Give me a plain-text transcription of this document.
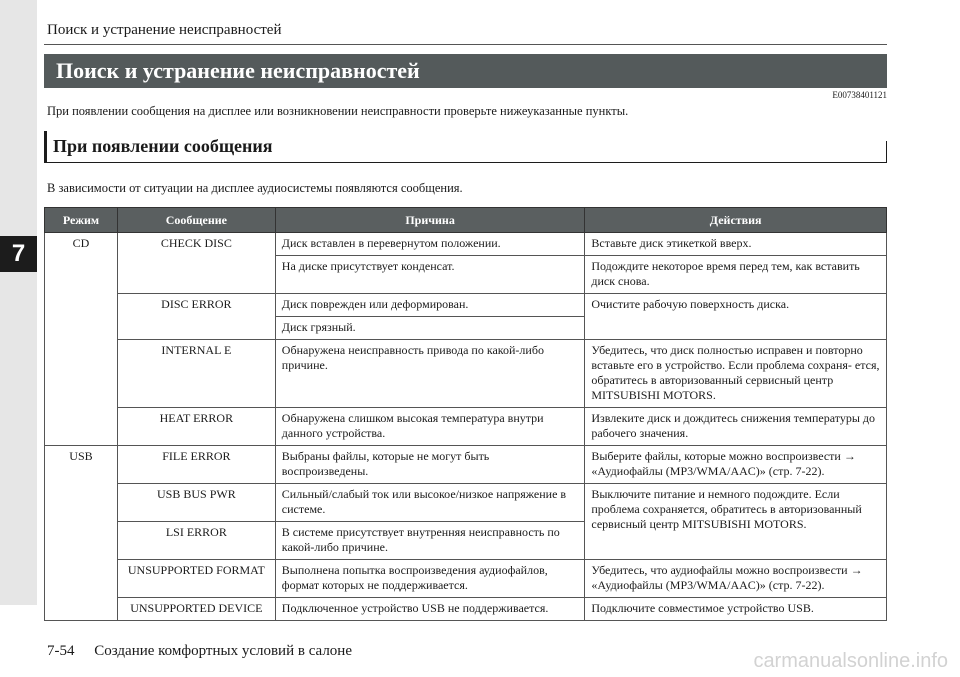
7
Поиск и устранение неисправностей
Поиск и устранение неисправностей
E00738401121
При появлении сообщения на дисплее или возникновении неисправности проверьте нижеуказанные пункты.
При появлении сообщения
В зависимости от ситуации на дисплее аудиосистемы появляются сообщения.
Режим	Сообщение	Причина	Действия
CD	CHECK DISC	Диск вставлен в перевернутом положении.	Вставьте диск этикеткой вверх.
		На диске присутствует конденсат.	Подождите некоторое время перед тем, как вставить диск снова.
	DISC ERROR	Диск поврежден или деформирован.	Очистите рабочую поверхность диска.
		Диск грязный.	
	INTERNAL E	Обнаружена неисправность привода по какой-либо причине.	Убедитесь, что диск полностью исправен и повторно вставьте его в устройство. Если проблема сохраня- ется, обратитесь в авторизованный сервисный центр MITSUBISHI MOTORS.
	HEAT ERROR	Обнаружена слишком высокая температура внутри данного устройства.	Извлеките диск и дождитесь снижения температуры до рабочего значения.
USB	FILE ERROR	Выбраны файлы, которые не могут быть воспроизведены.	Выберите файлы, которые можно воспроизвести → «Аудиофайлы (MP3/WMA/AAC)» (стр. 7-22).
	USB BUS PWR	Сильный/слабый ток или высокое/низкое напряжение в системе.	Выключите питание и немного подождите. Если проблема сохраняется, обратитесь в авторизованный сервисный центр MITSUBISHI MOTORS.
	LSI ERROR	В системе присутствует внутренняя неисправность по какой-либо причине.	
	UNSUPPORTED FORMAT	Выполнена попытка воспроизведения аудиофайлов, формат которых не поддерживается.	Убедитесь, что аудиофайлы можно воспроизвести → «Аудиофайлы (MP3/WMA/AAC)» (стр. 7-22).
	UNSUPPORTED DEVICE	Подключенное устройство USB не поддерживается.	Подключите совместимое устройство USB.
7-54 Создание комфортных условий в салоне	carmanualsonline.info
